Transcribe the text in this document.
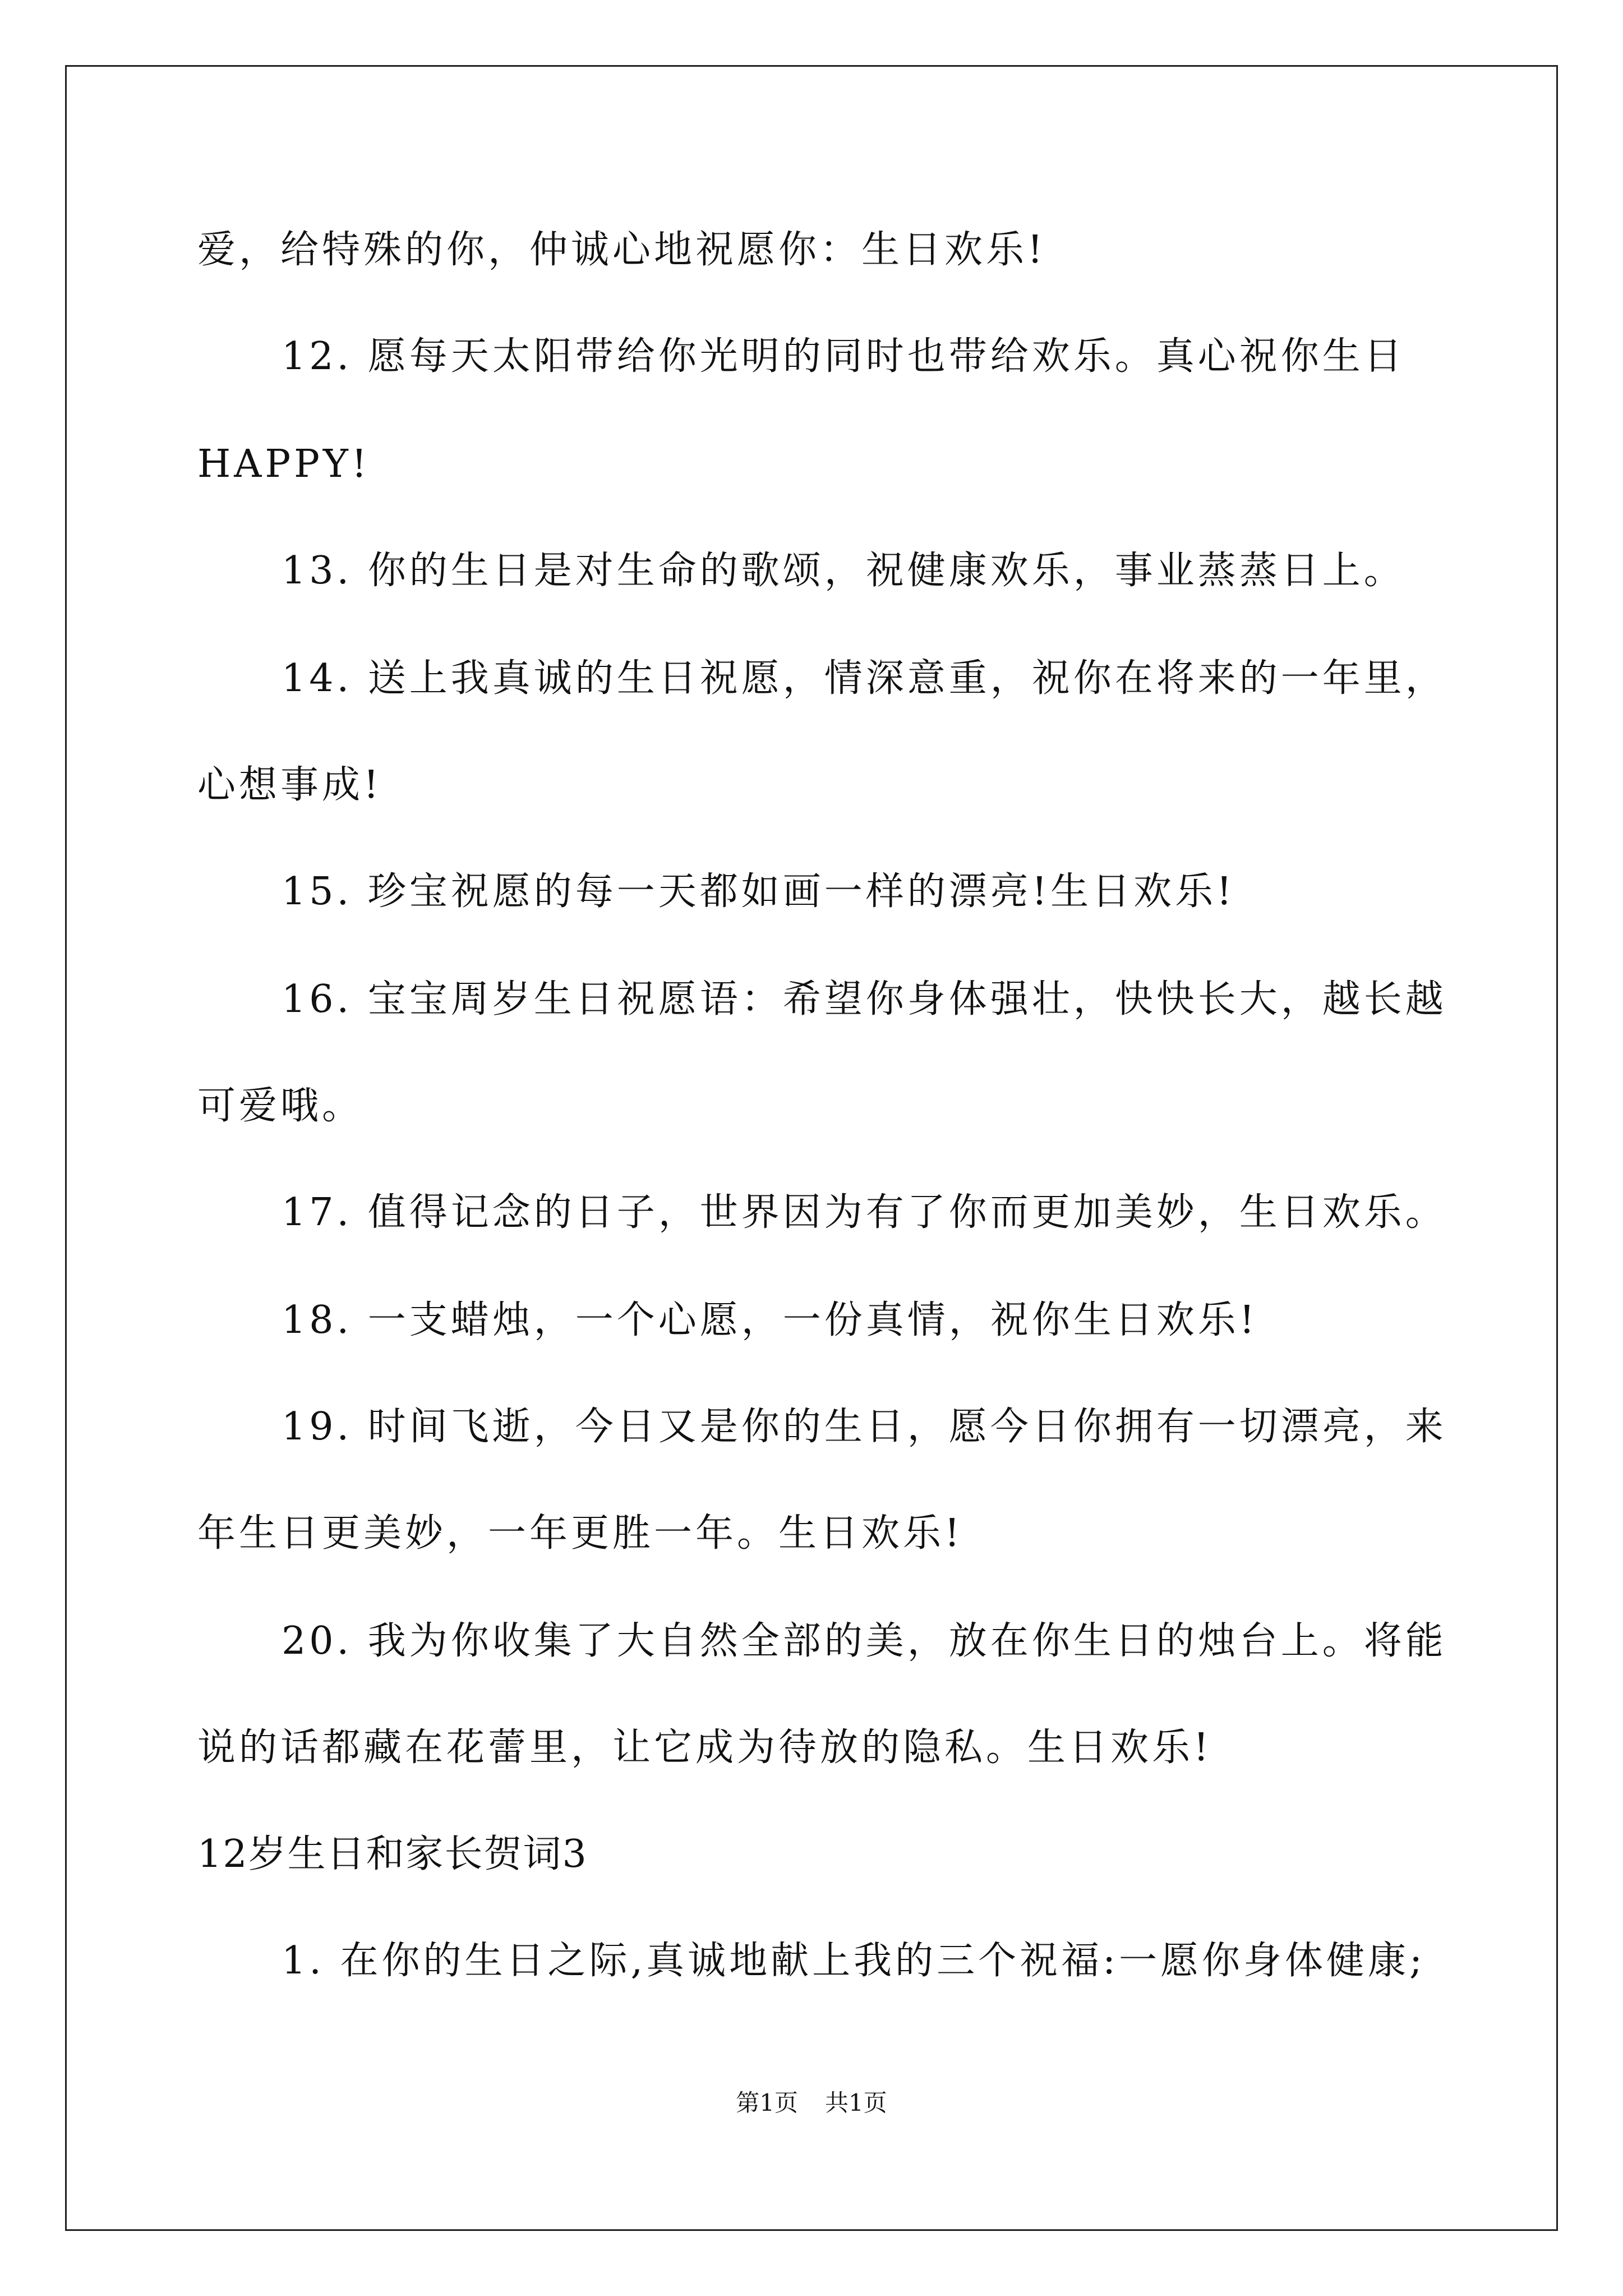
爱，给特殊的你，仲诚心地祝愿你：生日欢乐!
12. 愿每天太阳带给你光明的同时也带给欢乐。真心祝你生日
HAPPY!
13. 你的生日是对生命的歌颂，祝健康欢乐，事业蒸蒸日上。
14. 送上我真诚的生日祝愿，情深意重，祝你在将来的一年里，
心想事成!
15. 珍宝祝愿的每一天都如画一样的漂亮!生日欢乐!
16. 宝宝周岁生日祝愿语：希望你身体强壮，快快长大，越长越
可爱哦。
17. 值得记念的日子，世界因为有了你而更加美妙，生日欢乐。
18. 一支蜡烛，一个心愿，一份真情，祝你生日欢乐!
19. 时间飞逝，今日又是你的生日，愿今日你拥有一切漂亮，来
年生日更美妙，一年更胜一年。生日欢乐!
20. 我为你收集了大自然全部的美，放在你生日的烛台上。将能
说的话都藏在花蕾里，让它成为待放的隐私。生日欢乐!
12岁生日和家长贺词3
1. 在你的生日之际,真诚地献上我的三个祝福:一愿你身体健康;
第1页 共1页
